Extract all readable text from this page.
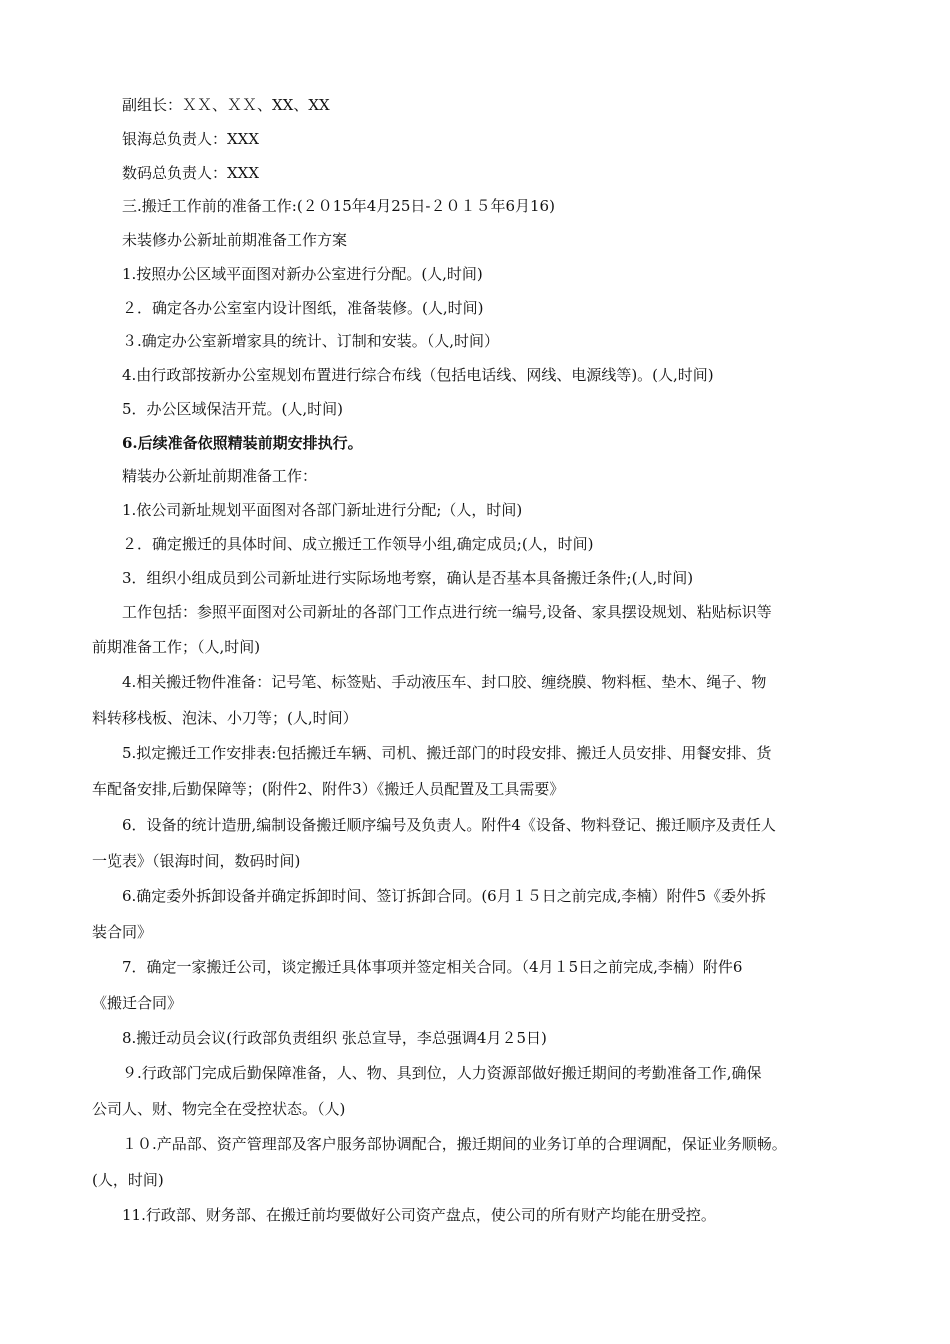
副组长：ＸＸ、ＸＸ、XX、XX
银海总负责人：XXX
数码总负责人：XXX
三.搬迁工作前的准备工作:(２０15年4月25日-２０１５年6月16)
未装修办公新址前期准备工作方案
1.按照办公区域平面图对新办公室进行分配。(人,时间)
２．确定各办公室室内设计图纸，准备装修。(人,时间)
３.确定办公室新增家具的统计、订制和安装。（人,时间）
4.由行政部按新办公室规划布置进行综合布线（包括电话线、网线、电源线等)。(人,时间)
5．办公区域保洁开荒。(人,时间)
6.后续准备依照精装前期安排执行。
精装办公新址前期准备工作：
1.依公司新址规划平面图对各部门新址进行分配;（人，时间)
２．确定搬迁的具体时间、成立搬迁工作领导小组,确定成员;(人，时间)
3．组织小组成员到公司新址进行实际场地考察，确认是否基本具备搬迁条件;(人,时间)
工作包括：参照平面图对公司新址的各部门工作点进行统一编号,设备、家具摆设规划、粘贴标识等
前期准备工作；（人,时间)
4.相关搬迁物件准备：记号笔、标签贴、手动液压车、封口胶、缠绕膜、物料框、垫木、绳子、物
料转移栈板、泡沫、小刀等；(人,时间）
5.拟定搬迁工作安排表:包括搬迁车辆、司机、搬迁部门的时段安排、搬迁人员安排、用餐安排、货
车配备安排,后勤保障等；(附件2、附件3）《搬迁人员配置及工具需要》
6．设备的统计造册,编制设备搬迁顺序编号及负责人。附件4《设备、物料登记、搬迁顺序及责任人
一览表》（银海时间，数码时间)
6.确定委外拆卸设备并确定拆卸时间、签订拆卸合同。(6月１５日之前完成,李楠）附件5《委外拆
装合同》
7．确定一家搬迁公司，谈定搬迁具体事项并签定相关合同。（4月１5日之前完成,李楠）附件6
《搬迁合同》
8.搬迁动员会议(行政部负责组织 张总宣导，李总强调4月２5日)
９.行政部门完成后勤保障准备，人、物、具到位，人力资源部做好搬迁期间的考勤准备工作,确保
公司人、财、物完全在受控状态。（人)
１０.产品部、资产管理部及客户服务部协调配合，搬迁期间的业务订单的合理调配，保证业务顺畅。
(人，时间)
11.行政部、财务部、在搬迁前均要做好公司资产盘点，使公司的所有财产均能在册受控。
